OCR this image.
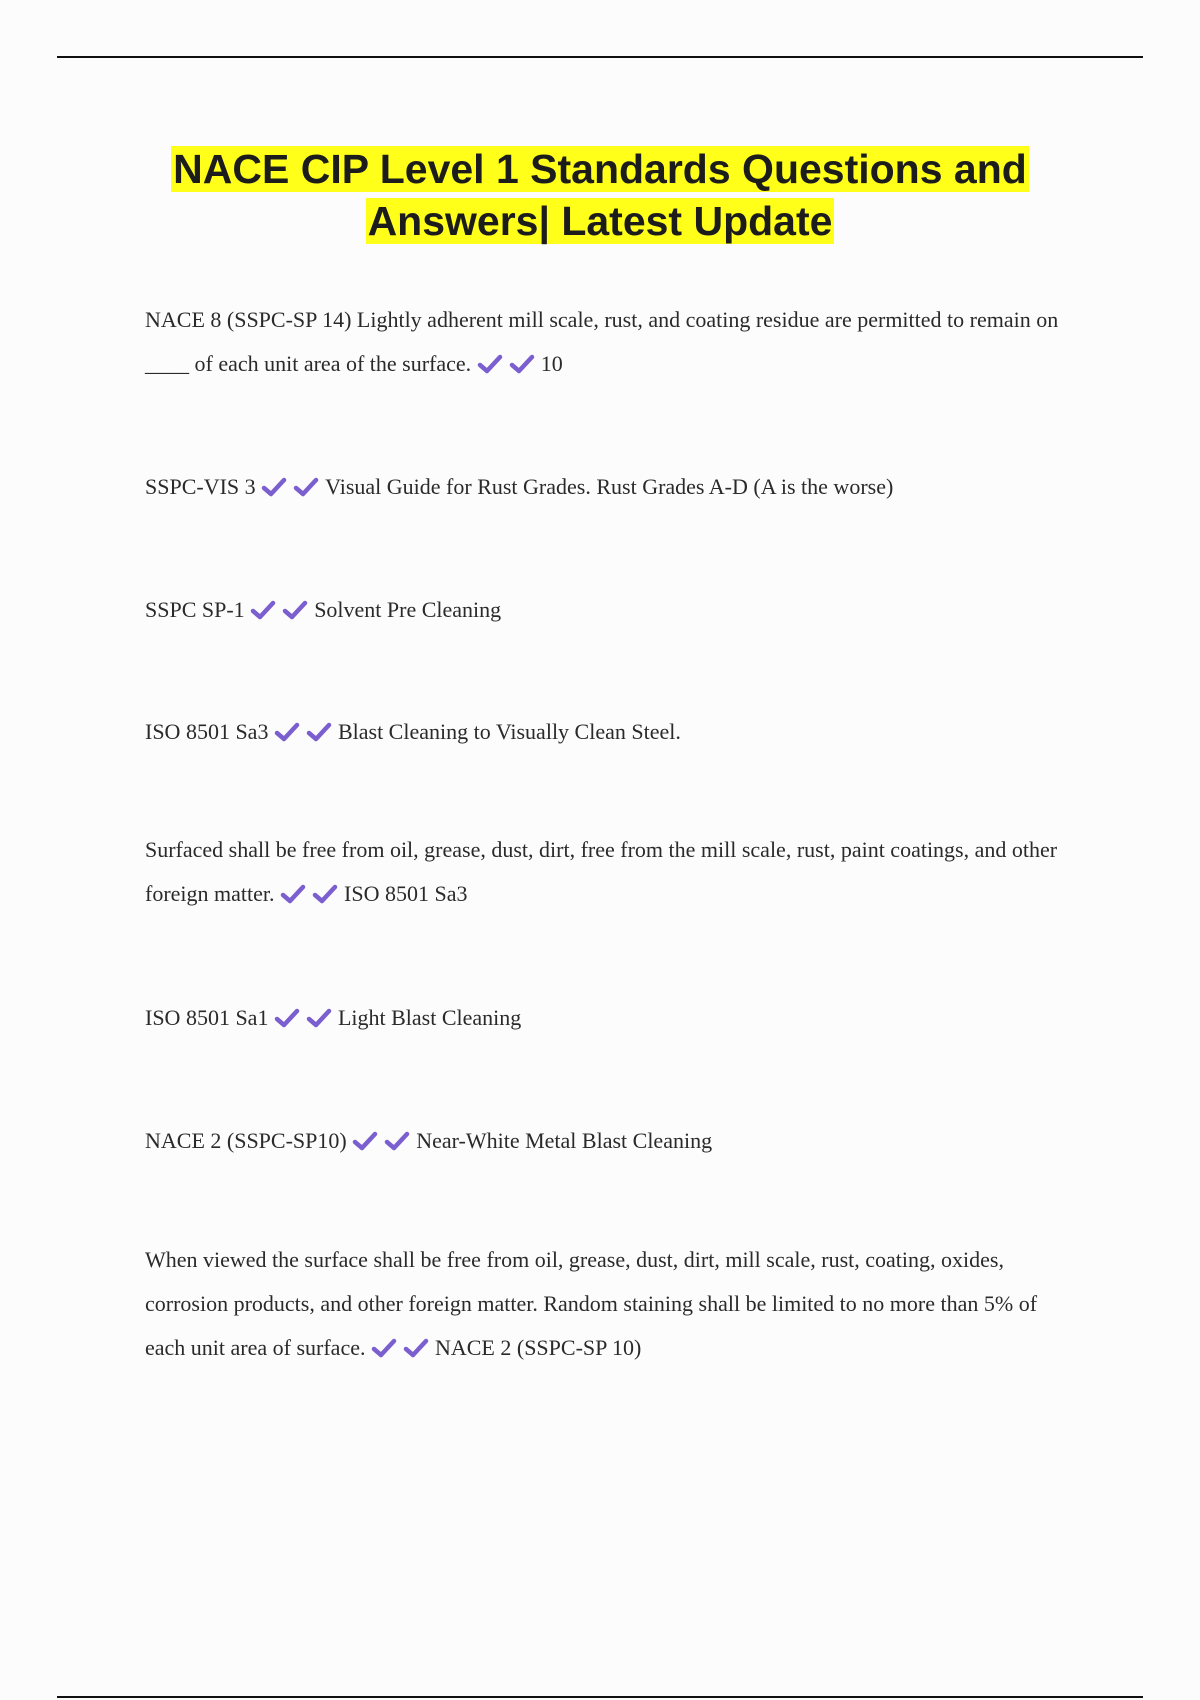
NACE CIP Level 1 Standards Questions and
Answers| Latest Update

NACE 8 (SSPC-SP 14) Lightly adherent mill scale, rust, and coating residue are permitted to remain on ____ of each unit area of the surface.	10

SSPC-VIS 3	Visual Guide for Rust Grades. Rust Grades A-D (A is the worse)

SSPC SP-1	Solvent Pre Cleaning

ISO 8501 Sa3	Blast Cleaning to Visually Clean Steel.

Surfaced shall be free from oil, grease, dust, dirt, free from the mill scale, rust, paint coatings, and other foreign matter.	ISO 8501 Sa3

ISO 8501 Sa1	Light Blast Cleaning

NACE 2 (SSPC-SP10)	Near-White Metal Blast Cleaning

When viewed the surface shall be free from oil, grease, dust, dirt, mill scale, rust, coating, oxides, corrosion products, and other foreign matter. Random staining shall be limited to no more than 5% of each unit area of surface.	NACE 2 (SSPC-SP 10)
